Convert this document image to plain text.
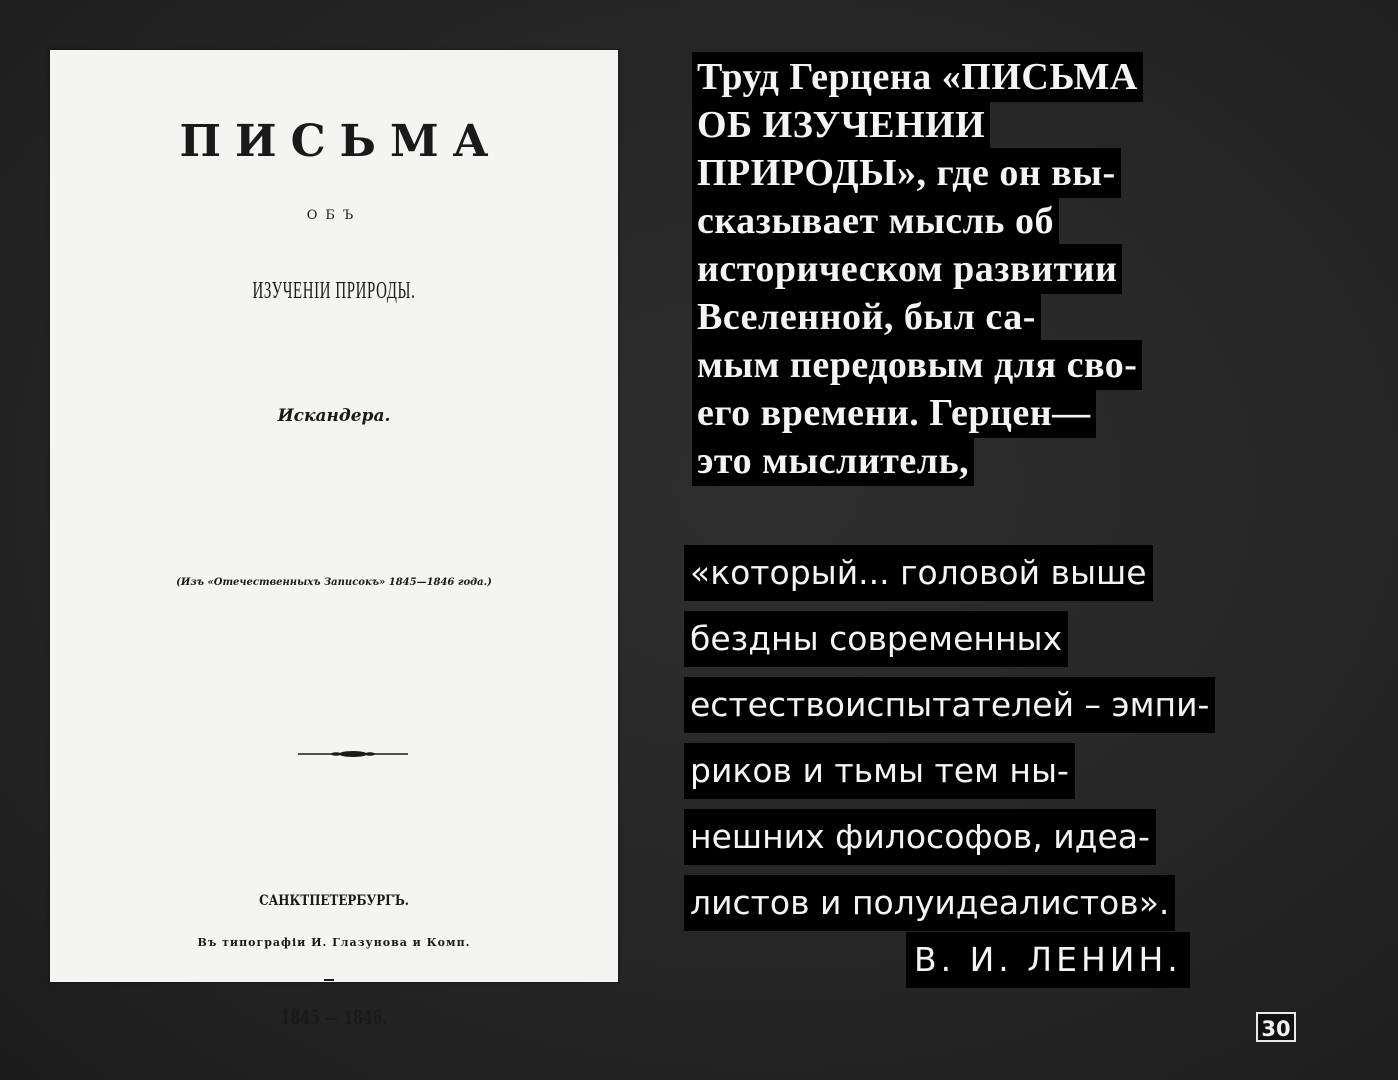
ПИСЬМА
ОБЪ
ИЗУЧЕНІИ ПРИРОДЫ.
Искандера.
(Изъ «Отечественныхъ Записокъ» 1845—1846 года.)
САНКТПЕТЕРБУРГЪ.
Въ типографіи И. Глазунова и Комп.
1845 — 1846.
Труд Герцена «ПИСЬМА
ОБ ИЗУЧЕНИИ
ПРИРОДЫ», где он вы-
сказывает мысль об
историческом развитии
Вселенной, был са-
мым передовым для сво-
его времени. Герцен—
это мыслитель,
«который... головой выше
бездны современных
естествоиспытателей – эмпи-
риков и тьмы тем ны-
нешних философов, идеа-
листов и полуидеалистов».
В. И. ЛЕНИН.
30
